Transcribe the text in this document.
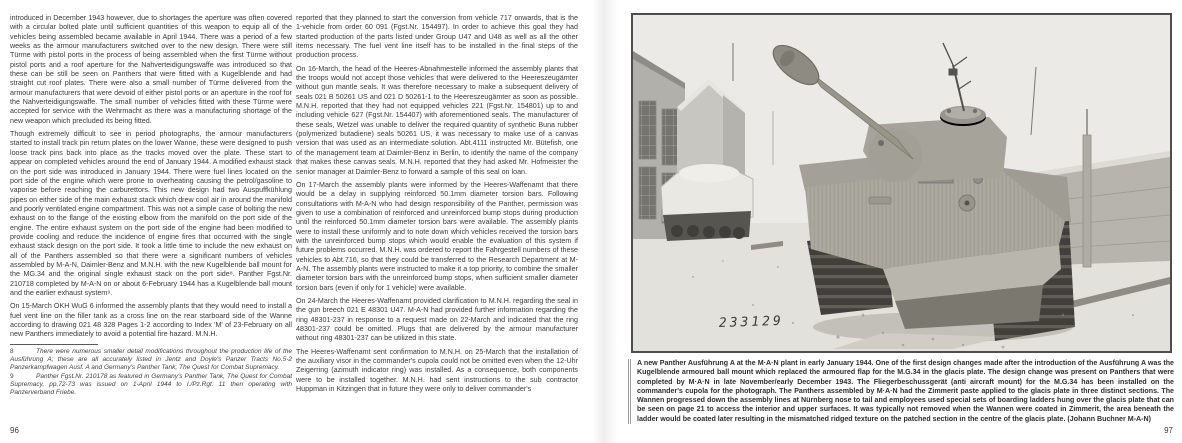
introduced in December 1943 however, due to shortages the aperture was often covered with a circular bolted plate until sufficient quantities of this weapon to equip all of the vehicles being assembled became available in April 1944. There was a period of a few weeks as the armour manufacturers switched over to the new design. There were still Türme with pistol ports in the process of being assembled when the first Türme without pistol ports and a roof aperture for the Nahverteidigungswaffe was introduced so that these can be still be seen on Panthers that were fitted with a Kugelblende and had straight cut roof plates. There were also a small number of Türme delivered from the armour manufacturers that were devoid of either pistol ports or an aperture in the roof for the Nahverteidigungswaffe. The small number of vehicles fitted with these Türme were accepted for service with the Wehrmacht as there was a manufacturing shortage of the new weapon which precluded its being fitted.

Though extremely difficult to see in period photographs, the armour manufacturers started to install track pin return plates on the lower Wanne, these were designed to push loose track pins back into place as the tracks moved over the plate. These start to appear on completed vehicles around the end of January 1944. A modified exhaust stack on the port side was introduced in January 1944. There were fuel lines located on the port side of the engine which were prone to overheating causing the petrol/gasoline to vaporise before reaching the carburettors. This new design had two Auspuffkühlung pipes on either side of the main exhaust stack which drew cool air in around the manifold and poorly ventilated engine compartment. This was not a simple case of bolting the new exhaust on to the flange of the existing elbow from the manifold on the port side of the engine. The entire exhaust system on the port side of the engine had been modified to provide cooling and reduce the incidence of engine fires that occurred with the single exhaust stack design on the port side. It took a little time to include the new exhaust on all of the Panthers assembled so that there were a significant numbers of vehicles assembled by M-A-N, Daimler-Benz and M.N.H. with the new Kugelblende ball mount for the MG.34 and the original single exhaust stack on the port side⁸. Panther Fgst.Nr. 210718 completed by M-A-N on or about 6-February 1944 has a Kugelblende ball mount and the earlier exhaust system⁹.

On 15-March OKH WuG 6 informed the assembly plants that they would need to install a fuel vent line on the filler tank as a cross line on the rear starboard side of the Wanne according to drawing 021 48 328 Pages 1-2 according to Index 'M' of 23-February on all new Panthers immediately to avoid a potential fire hazard. M.N.H.

8	There were numerous smaller detail modifications throughout the production life of the Ausführung A; these are all accurately listed in Jentz and Doyle's Panzer Tracts No.5-2 Panzerkampfwagen Ausf. A and Germany's Panther Tank, The Quest for Combat Supremacy.
9	Panther Fgst.Nr. 210178 as featured in Germany's Panther Tank, The Quest for Combat Supremacy, pp.72-73 was issued on 1-April 1944 to I./Pz.Rgt. 11 then operating with Panzerverband Friebe.

reported that they planned to start the conversion from vehicle 717 onwards, that is the 1-vehicle from order 60 091 (Fgst.Nr. 154497). In order to achieve this goal they had started production of the parts listed under Group U47 and U48 as well as all the other items necessary. The fuel vent line itself has to be installed in the final steps of the production process.

On 16-March, the head of the Heeres-Abnahmestelle informed the assembly plants that the troops would not accept those vehicles that were delivered to the Heereszeugämter without gun mantle seals. It was therefore necessary to make a subsequent delivery of seals 021 B 50261 US and 021 D 50261-1 to the Heereszeugämter as soon as possible. M.N.H. reported that they had not equipped vehicles 221 (Fgst.Nr. 154801) up to and including vehicle 627 (Fgst.Nr. 154407) with aforementioned seals. The manufacturer of these seals, Wetzel was unable to deliver the required quantity of synthetic Buna rubber (polymerized butadiene) seals 50261 US, it was necessary to make use of a canvas version that was used as an intermediate solution. Abt.4111 instructed Mr. Bütefish, one of the management team at Daimler-Benz in Berlin, to identify the name of the company that makes these canvas seals. M.N.H. reported that they had asked Mr. Hofmeister the senior manager at Daimler-Benz to forward a sample of this seal on loan.

On 17-March the assembly plants were informed by the Heeres-Waffenamt that there would be a delay in supplying reinforced 50.1mm diameter torsion bars. Following consultations with M-A-N who had design responsibility of the Panther, permission was given to use a combination of reinforced and unreinforced bump stops during production until the reinforced 50.1mm diameter torsion bars were available. The assembly plants were to install these uniformly and to note down which vehicles received the torsion bars with the unreinforced bump stops which would enable the evaluation of this system if future problems occurred. M.N.H. was ordered to report the Fahrgestell numbers of these vehicles to Abt.716, so that they could be transferred to the Research Department at M-A-N. The assembly plants were instructed to make it a top priority, to combine the smaller diameter torsion bars with the unreinforced bump stops, when sufficient smaller diameter torsion bars (even if only for 1 vehicle) were available.

On 24-March the Heeres-Waffenamt provided clarification to M.N.H. regarding the seal in the gun breech 021 E 48301 U47. M-A-N had provided further information regarding the ring 48301-237 in response to a request made on 22-March and indicated that the ring 48301-237 could be omitted. Plugs that are delivered by the armour manufacturer without ring 48301-237 can be utilized in this state.

The Heeres-Waffenamt sent confirmation to M.N.H. on 25-March that the installation of the auxiliary visor in the commander's cupola could not be omitted even when the 12-Uhr Zeigerring (azimuth indicator ring) was installed. As a consequence, both components were to be installed together. M.N.H. had sent instructions to the sub contractor Huppman in Kitzingen that in future they were only to deliver commander's

96
233129
A new Panther Ausführung A at the M·A·N plant in early January 1944. One of the first design changes made after the introduction of the Ausführung A was the Kugelblende armoured ball mount which replaced the armoured flap for the M.G.34 in the glacis plate. The design change was present on Panthers that were completed by M·A·N in late November/early December 1943. The Fliegerbeschussgerät (anti aircraft mount) for the M.G.34 has been installed on the commander's cupola for the photograph. The Panthers assembled by M·A·N had the Zimmerit paste applied to the glacis plate in three distinct sections. The Wannen progressed down the assembly lines at Nürnberg nose to tail and employees used special sets of boarding ladders hung over the glacis plate that can be seen on page 21 to access the interior and upper surfaces. It was typically not removed when the Wannen were coated in Zimmerit, the area beneath the ladder would be coated later resulting in the mismatched ridged texture on the patched section in the centre of the glacis plate. (Johann Buchner M-A-N)
97
